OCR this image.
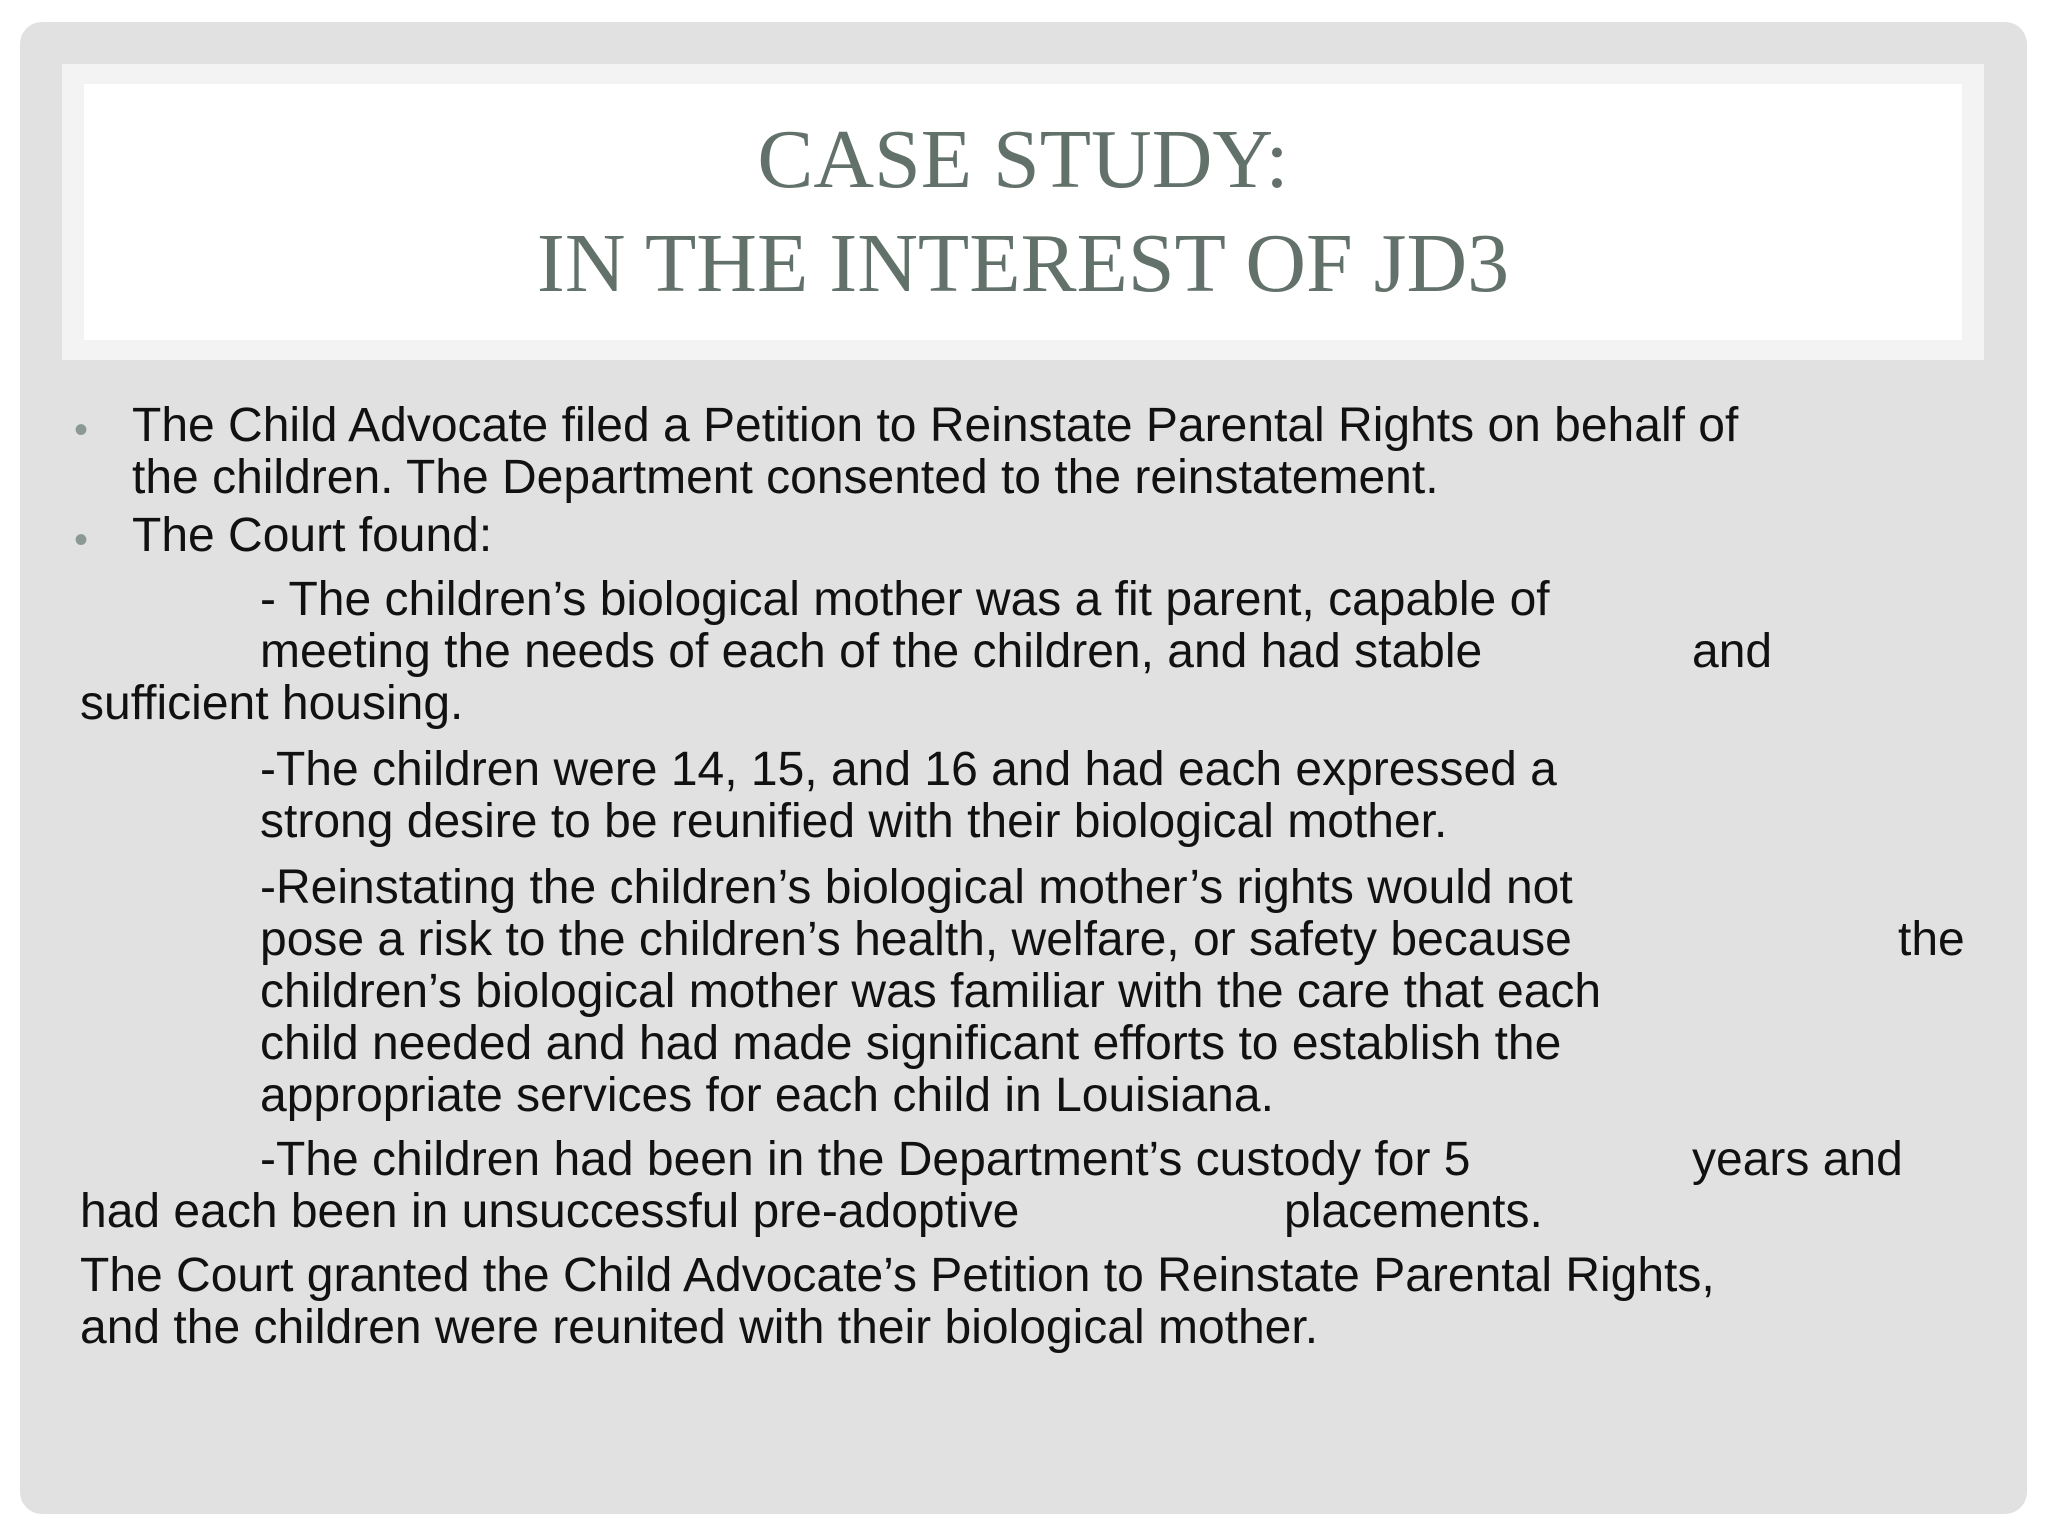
CASE STUDY:
IN THE INTEREST OF JD3
• The Child Advocate filed a Petition to Reinstate Parental Rights on behalf of
the children. The Department consented to the reinstatement.
• The Court found:
- The children’s biological mother was a fit parent, capable of
meeting the needs of each of the children, and had stable	and
sufficient housing.
-The children were 14, 15, and 16 and had each expressed a
strong desire to be reunified with their biological mother.
-Reinstating the children’s biological mother’s rights would not
pose a risk to the children’s health, welfare, or safety because	the
children’s biological mother was familiar with the care that each
child needed and had made significant efforts to establish the
appropriate services for each child in Louisiana.
-The children had been in the Department’s custody for 5	years and
had each been in unsuccessful pre-adoptive	placements.
The Court granted the Child Advocate’s Petition to Reinstate Parental Rights,
and the children were reunited with their biological mother.
